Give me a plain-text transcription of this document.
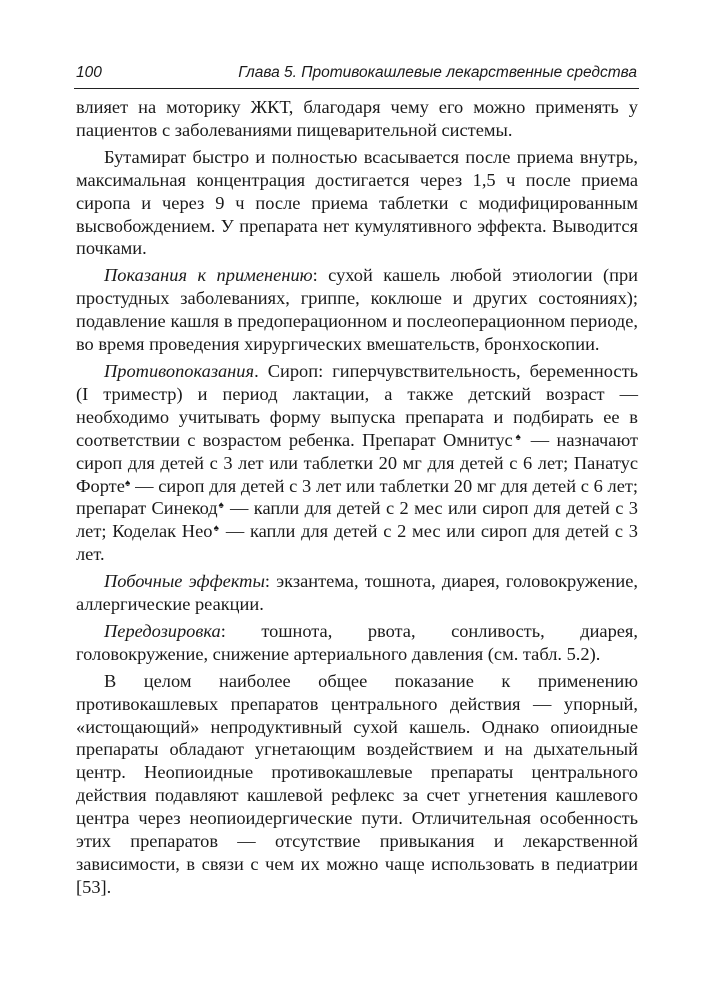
100	Глава 5. Противокашлевые лекарственные средства

влияет на моторику ЖКТ, благодаря чему его можно применять у пациентов с заболеваниями пищеварительной системы.

Бутамират быстро и полностью всасывается после приема внутрь, максимальная концентрация достигается через 1,5 ч после приема сиропа и через 9 ч после приема таблетки с модифицированным высвобождением. У препарата нет кумулятивного эффекта. Выводится почками.

Показания к применению: сухой кашель любой этиологии (при простудных заболеваниях, гриппе, коклюше и других состояниях); подавление кашля в предоперационном и послеоперационном периоде, во время проведения хирургических вмешательств, бронхоскопии.

Противопоказания. Сироп: гиперчувствительность, беременность (I триместр) и период лактации, а также детский возраст — необходимо учитывать форму выпуска препарата и подбирать ее в соответствии с возрастом ребенка. Препарат Омнитус♠ — назначают сироп для детей с 3 лет или таблетки 20 мг для детей с 6 лет; Панатус Форте♠ — сироп для детей с 3 лет или таблетки 20 мг для детей с 6 лет; препарат Синекод♠ — капли для детей с 2 мес или сироп для детей с 3 лет; Коделак Нео♠ — капли для детей с 2 мес или сироп для детей с 3 лет.

Побочные эффекты: экзантема, тошнота, диарея, головокружение, аллергические реакции.

Передозировка: тошнота, рвота, сонливость, диарея, головокружение, снижение артериального давления (см. табл. 5.2).

В целом наиболее общее показание к применению противокашлевых препаратов центрального действия — упорный, «истощающий» непродуктивный сухой кашель. Однако опиоидные препараты обладают угнетающим воздействием и на дыхательный центр. Неопиоидные противокашлевые препараты центрального действия подавляют кашлевой рефлекс за счет угнетения кашлевого центра через неопиоидергические пути. Отличительная особенность этих препаратов — отсутствие привыкания и лекарственной зависимости, в связи с чем их можно чаще использовать в педиатрии [53].
